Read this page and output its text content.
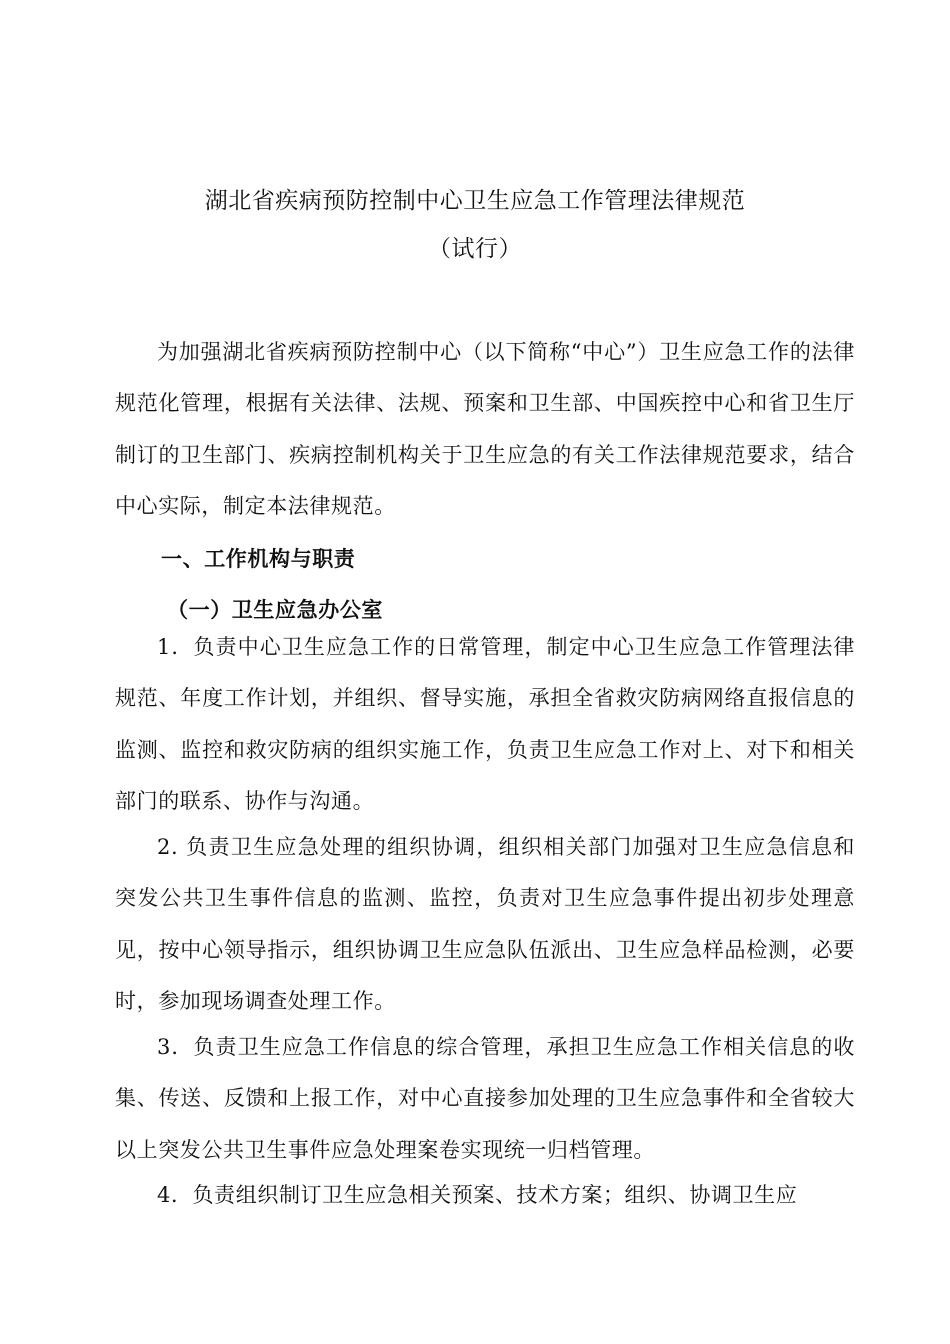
湖北省疾病预防控制中心卫生应急工作管理法律规范
（试行）

为加强湖北省疾病预防控制中心（以下简称“中心”）卫生应急工作的法律规范化管理，根据有关法律、法规、预案和卫生部、中国疾控中心和省卫生厅制订的卫生部门、疾病控制机构关于卫生应急的有关工作法律规范要求，结合中心实际，制定本法律规范。

一、工作机构与职责

（一）卫生应急办公室

1．负责中心卫生应急工作的日常管理，制定中心卫生应急工作管理法律规范、年度工作计划，并组织、督导实施，承担全省救灾防病网络直报信息的监测、监控和救灾防病的组织实施工作，负责卫生应急工作对上、对下和相关部门的联系、协作与沟通。

2. 负责卫生应急处理的组织协调，组织相关部门加强对卫生应急信息和突发公共卫生事件信息的监测、监控，负责对卫生应急事件提出初步处理意见，按中心领导指示，组织协调卫生应急队伍派出、卫生应急样品检测，必要时，参加现场调查处理工作。

3．负责卫生应急工作信息的综合管理，承担卫生应急工作相关信息的收集、传送、反馈和上报工作，对中心直接参加处理的卫生应急事件和全省较大以上突发公共卫生事件应急处理案卷实现统一归档管理。

4．负责组织制订卫生应急相关预案、技术方案；组织、协调卫生应
